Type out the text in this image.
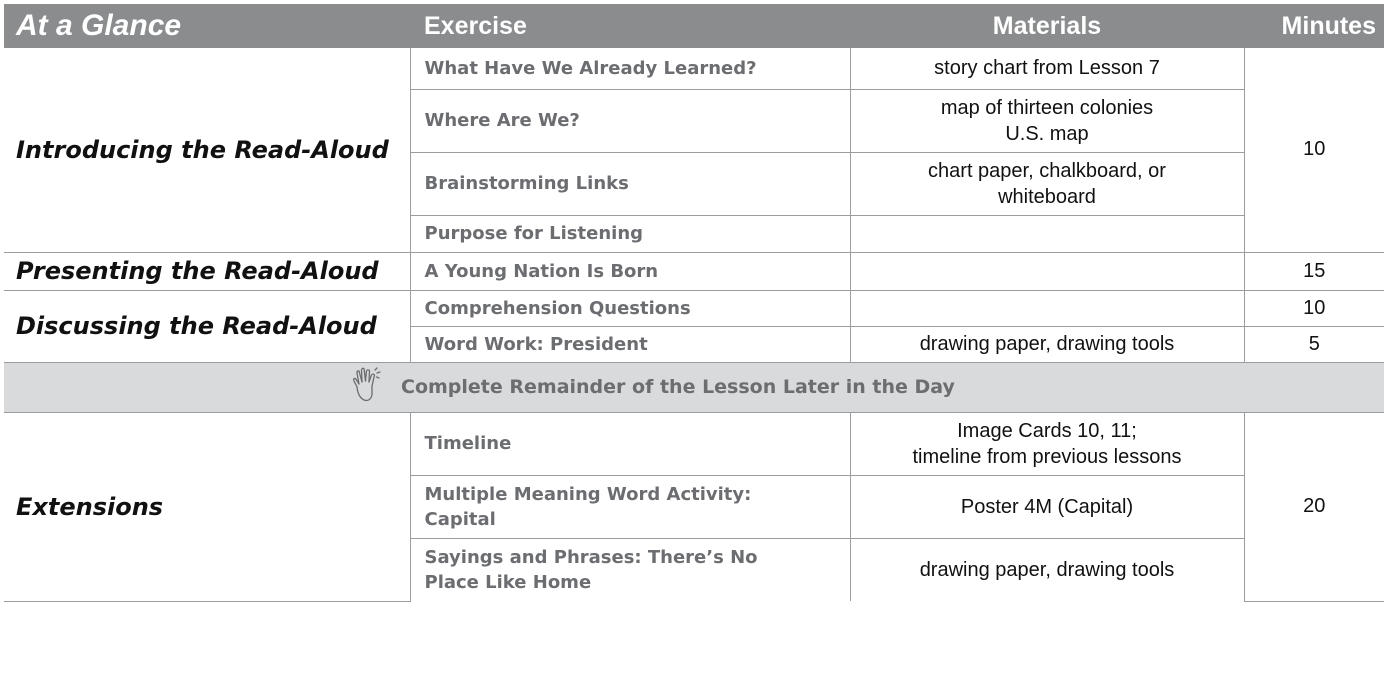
At a Glance	Exercise	Materials	Minutes
Introducing the Read-Aloud	What Have We Already Learned?	story chart from Lesson 7	10
	Where Are We?	map of thirteen colonies
U.S. map	

	Brainstorming Links	chart paper, chalkboard, or
whiteboard	

	Purpose for Listening		
Presenting the Read-Aloud	A Young Nation Is Born		15
Discussing the Read-Aloud	Comprehension Questions		10
	Word Work: President	drawing paper, drawing tools	5
Complete Remainder of the Lesson Later in the Day			
Extensions	Timeline	Image Cards 10, 11;
timeline from previous lessons	20

	Multiple Meaning Word Activity:
Capital	Poster 4M (Capital)	

	Sayings and Phrases: There’s No
Place Like Home	drawing paper, drawing tools	
